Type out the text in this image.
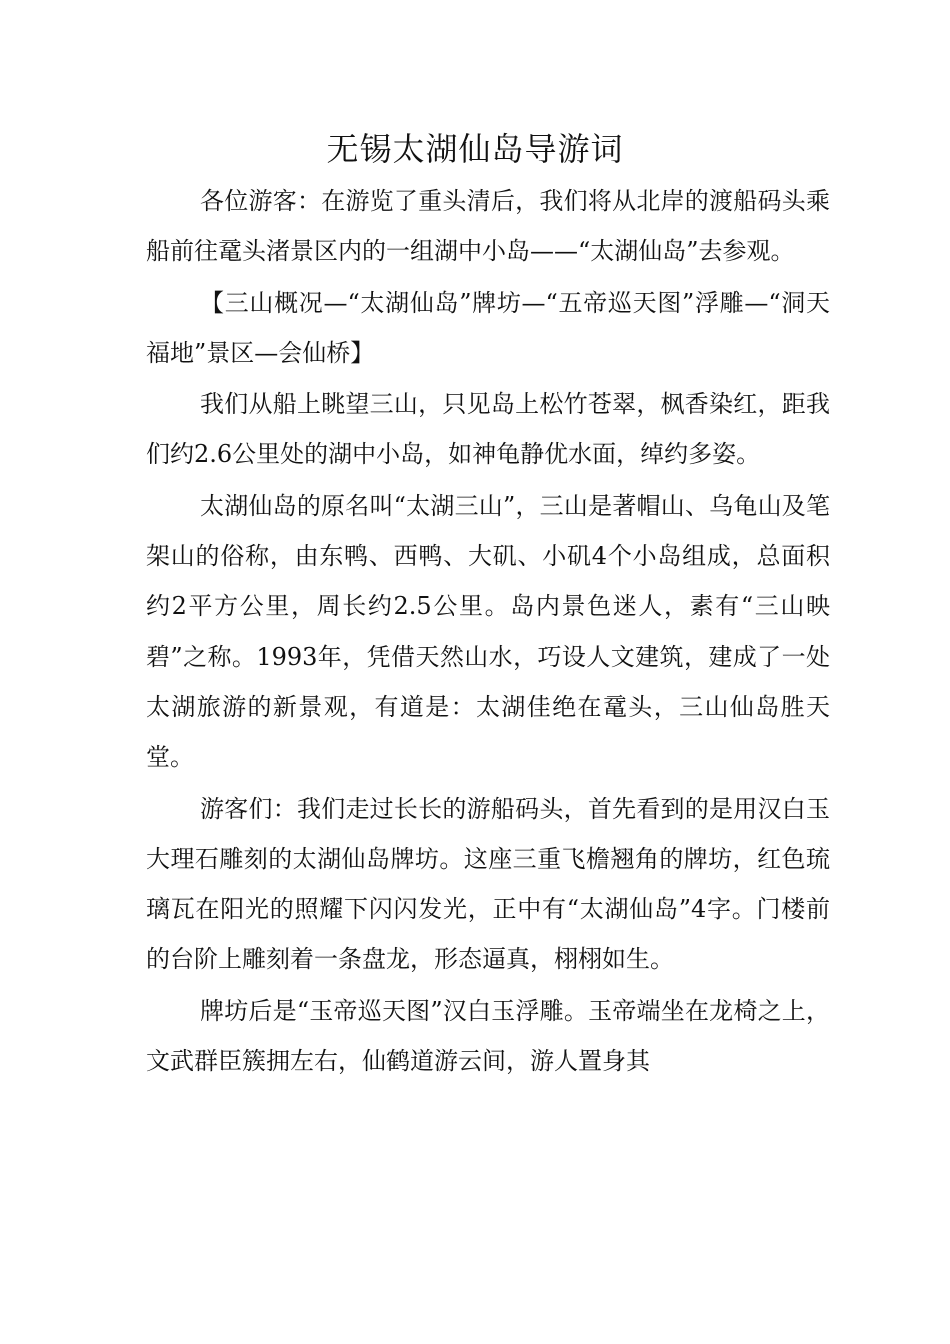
无锡太湖仙岛导游词

各位游客：在游览了重头清后，我们将从北岸的渡船码头乘船前往鼋头渚景区内的一组湖中小岛——“太湖仙岛”去参观。

【三山概况—“太湖仙岛”牌坊—“五帝巡天图”浮雕—“洞天福地”景区—会仙桥】

我们从船上眺望三山，只见岛上松竹苍翠，枫香染红，距我们约2.6公里处的湖中小岛，如神龟静优水面，绰约多姿。

太湖仙岛的原名叫“太湖三山”，三山是著帽山、乌龟山及笔架山的俗称，由东鸭、西鸭、大矶、小矶4个小岛组成，总面积约2平方公里，周长约2.5公里。岛内景色迷人，素有“三山映碧”之称。1993年，凭借天然山水，巧设人文建筑，建成了一处太湖旅游的新景观，有道是：太湖佳绝在鼋头，三山仙岛胜天堂。

游客们：我们走过长长的游船码头，首先看到的是用汉白玉大理石雕刻的太湖仙岛牌坊。这座三重飞檐翘角的牌坊，红色琉璃瓦在阳光的照耀下闪闪发光，正中有“太湖仙岛”4字。门楼前的台阶上雕刻着一条盘龙，形态逼真，栩栩如生。

牌坊后是“玉帝巡天图”汉白玉浮雕。玉帝端坐在龙椅之上，文武群臣簇拥左右，仙鹤道游云间，游人置身其
